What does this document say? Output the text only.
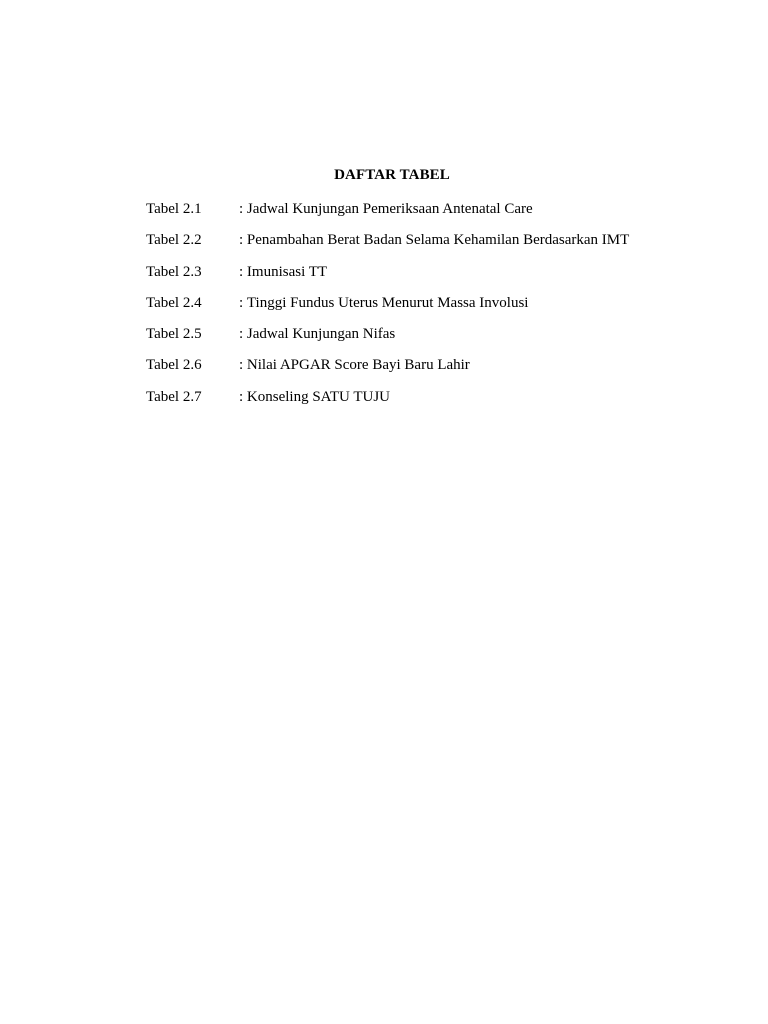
DAFTAR TABEL
Tabel 2.1	: Jadwal Kunjungan Pemeriksaan Antenatal Care
Tabel 2.2	: Penambahan Berat Badan Selama Kehamilan Berdasarkan IMT
Tabel 2.3	: Imunisasi TT
Tabel 2.4	: Tinggi Fundus Uterus Menurut Massa Involusi
Tabel 2.5	: Jadwal Kunjungan Nifas
Tabel 2.6	: Nilai APGAR Score Bayi Baru Lahir
Tabel 2.7	: Konseling SATU TUJU
